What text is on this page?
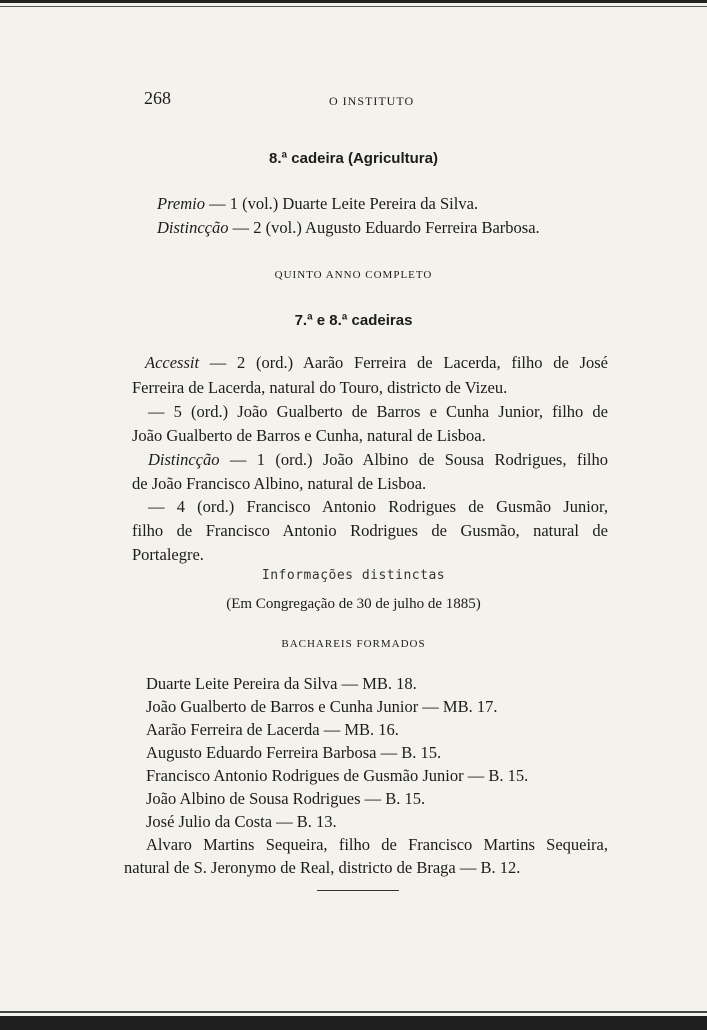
268	O INSTITUTO
8.ª cadeira (Agricultura)
Premio — 1 (vol.) Duarte Leite Pereira da Silva.
Distincção — 2 (vol.) Augusto Eduardo Ferreira Barbosa.
QUINTO ANNO COMPLETO
7.ª e 8.ª cadeiras
Accessit — 2 (ord.) Aarão Ferreira de Lacerda, filho de José
Ferreira de Lacerda, natural do Touro, districto de Vizeu.
— 5 (ord.) João Gualberto de Barros e Cunha Junior, filho de
João Gualberto de Barros e Cunha, natural de Lisboa.
Distincção — 1 (ord.) João Albino de Sousa Rodrigues, filho
de João Francisco Albino, natural de Lisboa.
— 4 (ord.) Francisco Antonio Rodrigues de Gusmão Junior,
filho de Francisco Antonio Rodrigues de Gusmão, natural de
Portalegre.
Informações distinctas
(Em Congregação de 30 de julho de 1885)
BACHAREIS FORMADOS
Duarte Leite Pereira da Silva — MB. 18.
João Gualberto de Barros e Cunha Junior — MB. 17.
Aarão Ferreira de Lacerda — MB. 16.
Augusto Eduardo Ferreira Barbosa — B. 15.
Francisco Antonio Rodrigues de Gusmão Junior — B. 15.
João Albino de Sousa Rodrigues — B. 15.
José Julio da Costa — B. 13.
Alvaro Martins Sequeira, filho de Francisco Martins Sequeira,
natural de S. Jeronymo de Real, districto de Braga — B. 12.
